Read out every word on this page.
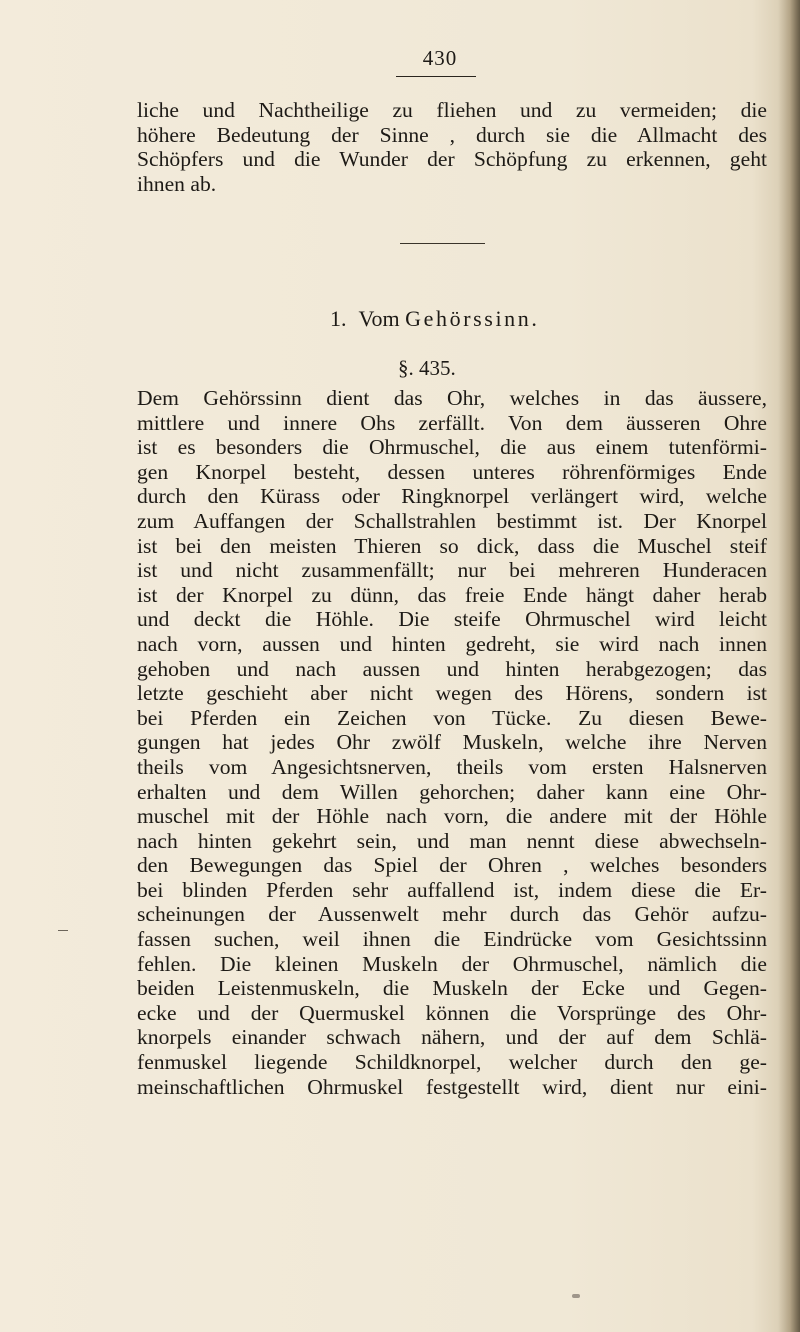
430
liche und Nachtheilige zu fliehen und zu vermeiden; die
höhere Bedeutung der Sinne , durch sie die Allmacht des
Schöpfers und die Wunder der Schöpfung zu erkennen, geht
ihnen ab.
1. Vom Gehörssinn.
§. 435.
Dem Gehörssinn dient das Ohr, welches in das äussere,
mittlere und innere Ohs zerfällt. Von dem äusseren Ohre
ist es besonders die Ohrmuschel, die aus einem tutenförmi-
gen Knorpel besteht, dessen unteres röhrenförmiges Ende
durch den Kürass oder Ringknorpel verlängert wird, welche
zum Auffangen der Schallstrahlen bestimmt ist. Der Knorpel
ist bei den meisten Thieren so dick, dass die Muschel steif
ist und nicht zusammenfällt; nur bei mehreren Hunderacen
ist der Knorpel zu dünn, das freie Ende hängt daher herab
und deckt die Höhle. Die steife Ohrmuschel wird leicht
nach vorn, aussen und hinten gedreht, sie wird nach innen
gehoben und nach aussen und hinten herabgezogen; das
letzte geschieht aber nicht wegen des Hörens, sondern ist
bei Pferden ein Zeichen von Tücke. Zu diesen Bewe-
gungen hat jedes Ohr zwölf Muskeln, welche ihre Nerven
theils vom Angesichtsnerven, theils vom ersten Halsnerven
erhalten und dem Willen gehorchen; daher kann eine Ohr-
muschel mit der Höhle nach vorn, die andere mit der Höhle
nach hinten gekehrt sein, und man nennt diese abwechseln-
den Bewegungen das Spiel der Ohren , welches besonders
bei blinden Pferden sehr auffallend ist, indem diese die Er-
scheinungen der Aussenwelt mehr durch das Gehör aufzu-
fassen suchen, weil ihnen die Eindrücke vom Gesichtssinn
fehlen. Die kleinen Muskeln der Ohrmuschel, nämlich die
beiden Leistenmuskeln, die Muskeln der Ecke und Gegen-
ecke und der Quermuskel können die Vorsprünge des Ohr-
knorpels einander schwach nähern, und der auf dem Schlä-
fenmuskel liegende Schildknorpel, welcher durch den ge-
meinschaftlichen Ohrmuskel festgestellt wird, dient nur eini-
